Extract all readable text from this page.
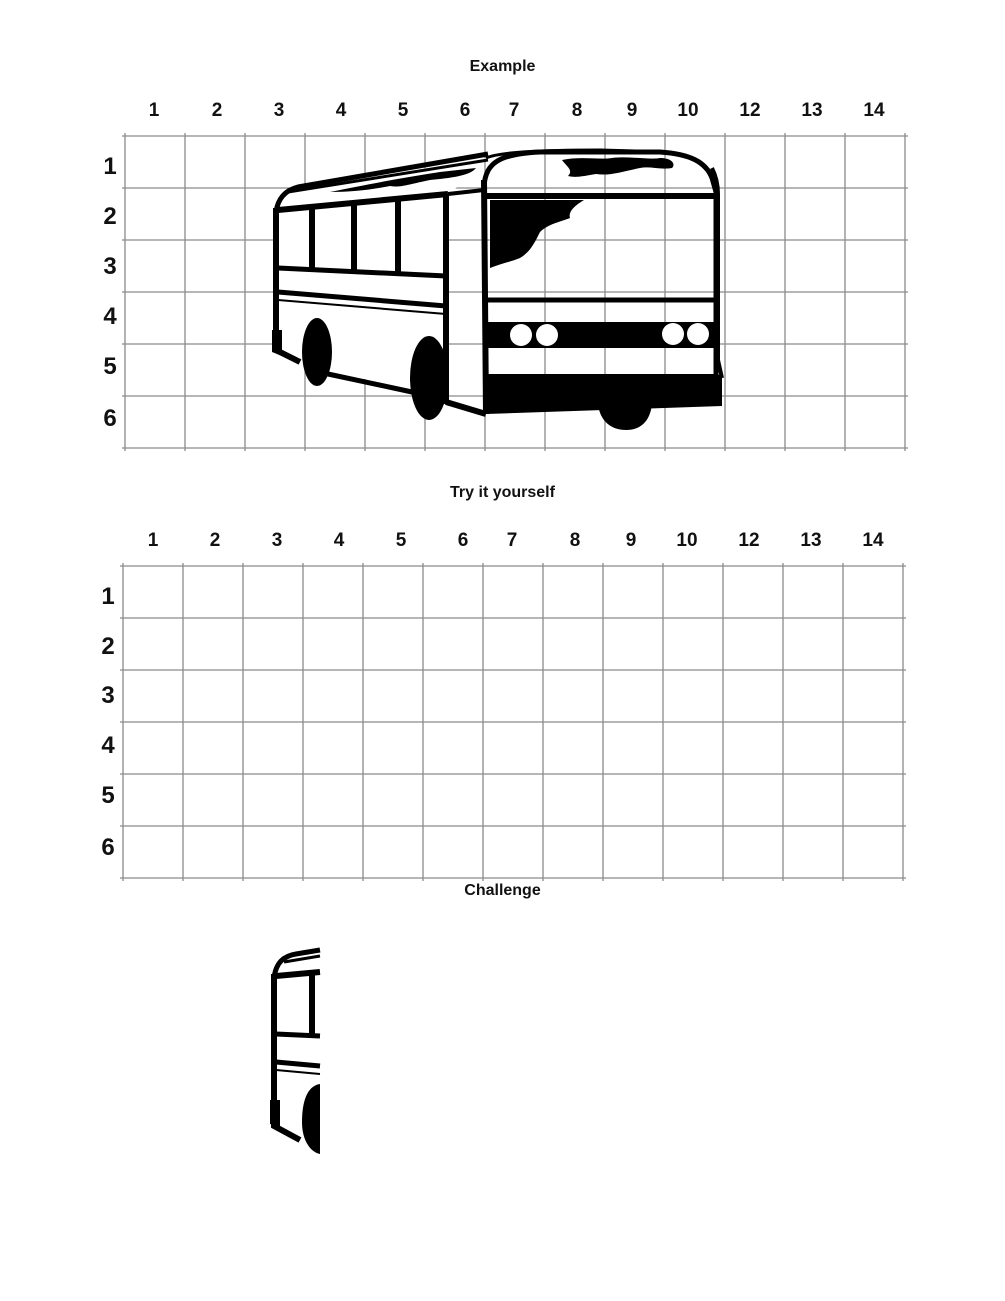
Example
Try it yourself
Challenge
1	2	3	4	5	6	7	8	9	10	12	13	14
1
2
3
4
5
6
1	2	3	4	5	6	7	8	9	10	12	13	14
1
2
3
4
5
6
